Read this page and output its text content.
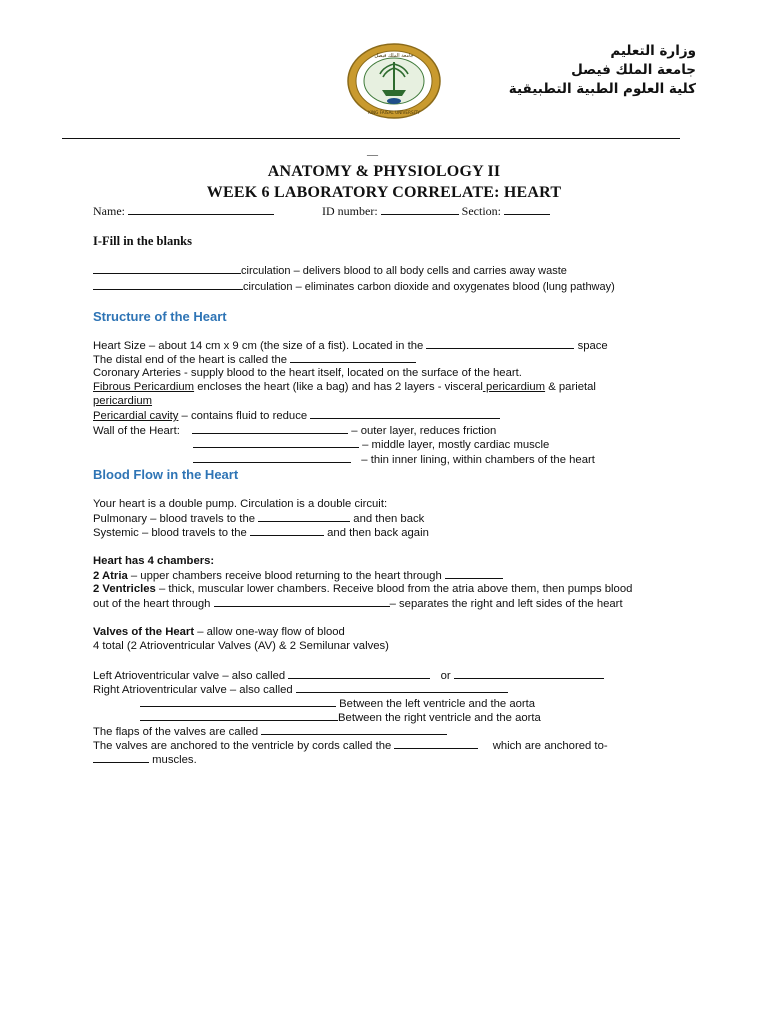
جامعة الملك فيصل
KING FAISAL UNIVERSITY
KFU
وزارة التعليم
جامعة الملك فيصل
كلية العلوم الطبية التطبيقية
__
ANATOMY & PHYSIOLOGY II
WEEK 6 LABORATORY CORRELATE: HEART
Name:	ID number:	Section:
I-Fill in the blanks
circulation – delivers blood to all body cells and carries away waste
circulation – eliminates carbon dioxide and oxygenates blood (lung pathway)
Structure of the Heart
Heart Size – about 14 cm x 9 cm (the size of a fist). Located in the	space
The distal end of the heart is called the
Coronary Arteries - supply blood to the heart itself, located on the surface of the heart.
Fibrous Pericardium encloses the heart (like a bag) and has 2 layers - visceral pericardium & parietal
pericardium
Pericardial cavity – contains fluid to reduce
Wall of the Heart:	– outer layer, reduces friction
– middle layer, mostly cardiac muscle
– thin inner lining, within chambers of the heart
Blood Flow in the Heart
Your heart is a double pump. Circulation is a double circuit:
Pulmonary – blood travels to the	and then back
Systemic – blood travels to the	and then back again
Heart has 4 chambers:
2 Atria – upper chambers receive blood returning to the heart through
2 Ventricles – thick, muscular lower chambers. Receive blood from the atria above them, then pumps blood
out of the heart through	– separates the right and left sides of the heart
Valves of the Heart – allow one-way flow of blood
4 total (2 Atrioventricular Valves (AV) & 2 Semilunar valves)
Left Atrioventricular valve – also called	or
Right Atrioventricular valve – also called
Between the left ventricle and the aorta
Between the right ventricle and the aorta
The flaps of the valves are called
The valves are anchored to the ventricle by cords called the	which are anchored to-
muscles.
